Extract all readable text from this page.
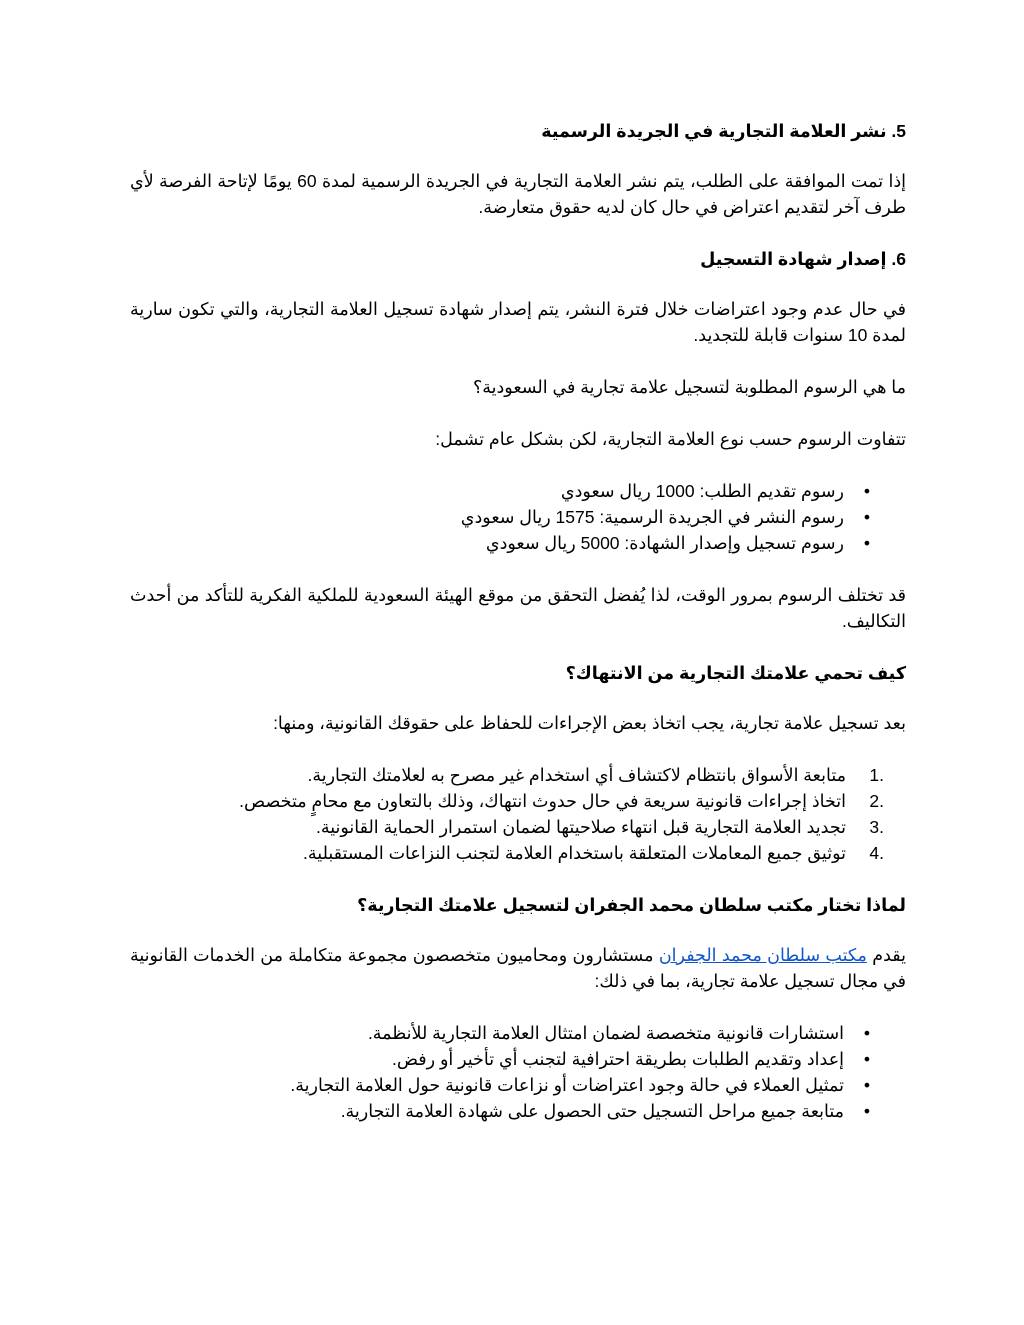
5. نشر العلامة التجارية في الجريدة الرسمية

إذا تمت الموافقة على الطلب، يتم نشر العلامة التجارية في الجريدة الرسمية لمدة 60 يومًا لإتاحة الفرصة لأي طرف آخر لتقديم اعتراض في حال كان لديه حقوق متعارضة.

6. إصدار شهادة التسجيل

في حال عدم وجود اعتراضات خلال فترة النشر، يتم إصدار شهادة تسجيل العلامة التجارية، والتي تكون سارية لمدة 10 سنوات قابلة للتجديد.

ما هي الرسوم المطلوبة لتسجيل علامة تجارية في السعودية؟

تتفاوت الرسوم حسب نوع العلامة التجارية، لكن بشكل عام تشمل:

• رسوم تقديم الطلب: 1000 ريال سعودي
• رسوم النشر في الجريدة الرسمية: 1575 ريال سعودي
• رسوم تسجيل وإصدار الشهادة: 5000 ريال سعودي

قد تختلف الرسوم بمرور الوقت، لذا يُفضل التحقق من موقع الهيئة السعودية للملكية الفكرية للتأكد من أحدث التكاليف.

كيف تحمي علامتك التجارية من الانتهاك؟

بعد تسجيل علامة تجارية، يجب اتخاذ بعض الإجراءات للحفاظ على حقوقك القانونية، ومنها:

1.
متابعة الأسواق بانتظام لاكتشاف أي استخدام غير مصرح به لعلامتك التجارية.
2.
اتخاذ إجراءات قانونية سريعة في حال حدوث انتهاك، وذلك بالتعاون مع محامٍ متخصص.
3.
تجديد العلامة التجارية قبل انتهاء صلاحيتها لضمان استمرار الحماية القانونية.
4.
توثيق جميع المعاملات المتعلقة باستخدام العلامة لتجنب النزاعات المستقبلية.
لماذا تختار مكتب سلطان محمد الجفران لتسجيل علامتك التجارية؟

يقدم مكتب سلطان محمد الجفران مستشارون ومحاميون متخصصون مجموعة متكاملة من الخدمات القانونية في مجال تسجيل علامة تجارية، بما في ذلك:

• استشارات قانونية متخصصة لضمان امتثال العلامة التجارية للأنظمة.
• إعداد وتقديم الطلبات بطريقة احترافية لتجنب أي تأخير أو رفض.
• تمثيل العملاء في حالة وجود اعتراضات أو نزاعات قانونية حول العلامة التجارية.
• متابعة جميع مراحل التسجيل حتى الحصول على شهادة العلامة التجارية.
